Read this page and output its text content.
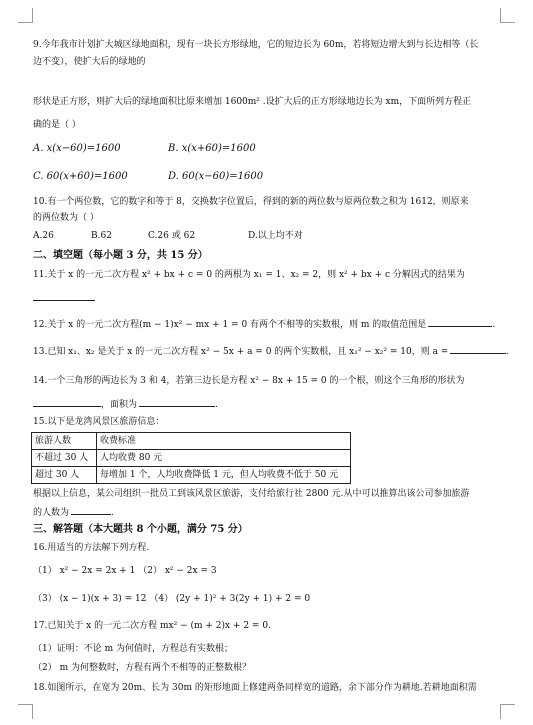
9.今年我市计划扩大城区绿地面积，现有一块长方形绿地，它的短边长为 60m，若将短边增大到与长边相等（长
边不变），使扩大后的绿地的
形状是正方形，则扩大后的绿地面积比原来增加 1600m² .设扩大后的正方形绿地边长为 xm，下面所列方程正
确的是（ ）
A. x(x−60)=1600	B. x(x+60)=1600
C. 60(x+60)=1600	D. 60(x−60)=1600
10.有一个两位数，它的数字和等于 8，交换数字位置后，得到的新的两位数与原两位数之积为 1612，则原来
的两位数为（ ）
A.26	B.62	C.26 或 62	D.以上均不对
二、填空题（每小题 3 分，共 15 分）
11.关于 x 的一元二次方程 x² + bx + c = 0 的两根为 x₁ = 1、x₂ = 2，则 x² + bx + c 分解因式的结果为
12.关于 x 的一元二次方程(m − 1)x² − mx + 1 = 0 有两个不相等的实数根，则 m 的取值范围是	.
13.已知 x₁、x₂ 是关于 x 的一元二次方程 x² − 5x + a = 0 的两个实数根，且 x₁² − x₂² = 10，则 a =	.
14.一个三角形的两边长为 3 和 4，若第三边长是方程 x² − 8x + 15 = 0 的一个根，则这个三角形的形状为
，面积为	.
15.以下是龙湾风景区旅游信息：
旅游人数	收费标准
不超过 30 人	人均收费 80 元
超过 30 人	每增加 1 个，人均收费降低 1 元，但人均收费不低于 50 元
根据以上信息，某公司组织一批员工到该风景区旅游，支付给旅行社 2800 元.从中可以推算出该公司参加旅游
的人数为	.
三、解答题（本大题共 8 个小题，满分 75 分）
16.用适当的方法解下列方程.
（1） x² − 2x = 2x + 1 （2） x² − 2x = 3
（3） (x − 1)(x + 3) = 12 （4） (2y + 1)² + 3(2y + 1) + 2 = 0
17.已知关于 x 的一元二次方程 mx² − (m + 2)x + 2 = 0.
（1）证明：不论 m 为何值时，方程总有实数根；
（2） m 为何整数时，方程有两个不相等的正整数根？
18.如图所示，在宽为 20m、长为 30m 的矩形地面上修建两条同样宽的道路，余下部分作为耕地.若耕地面积需
